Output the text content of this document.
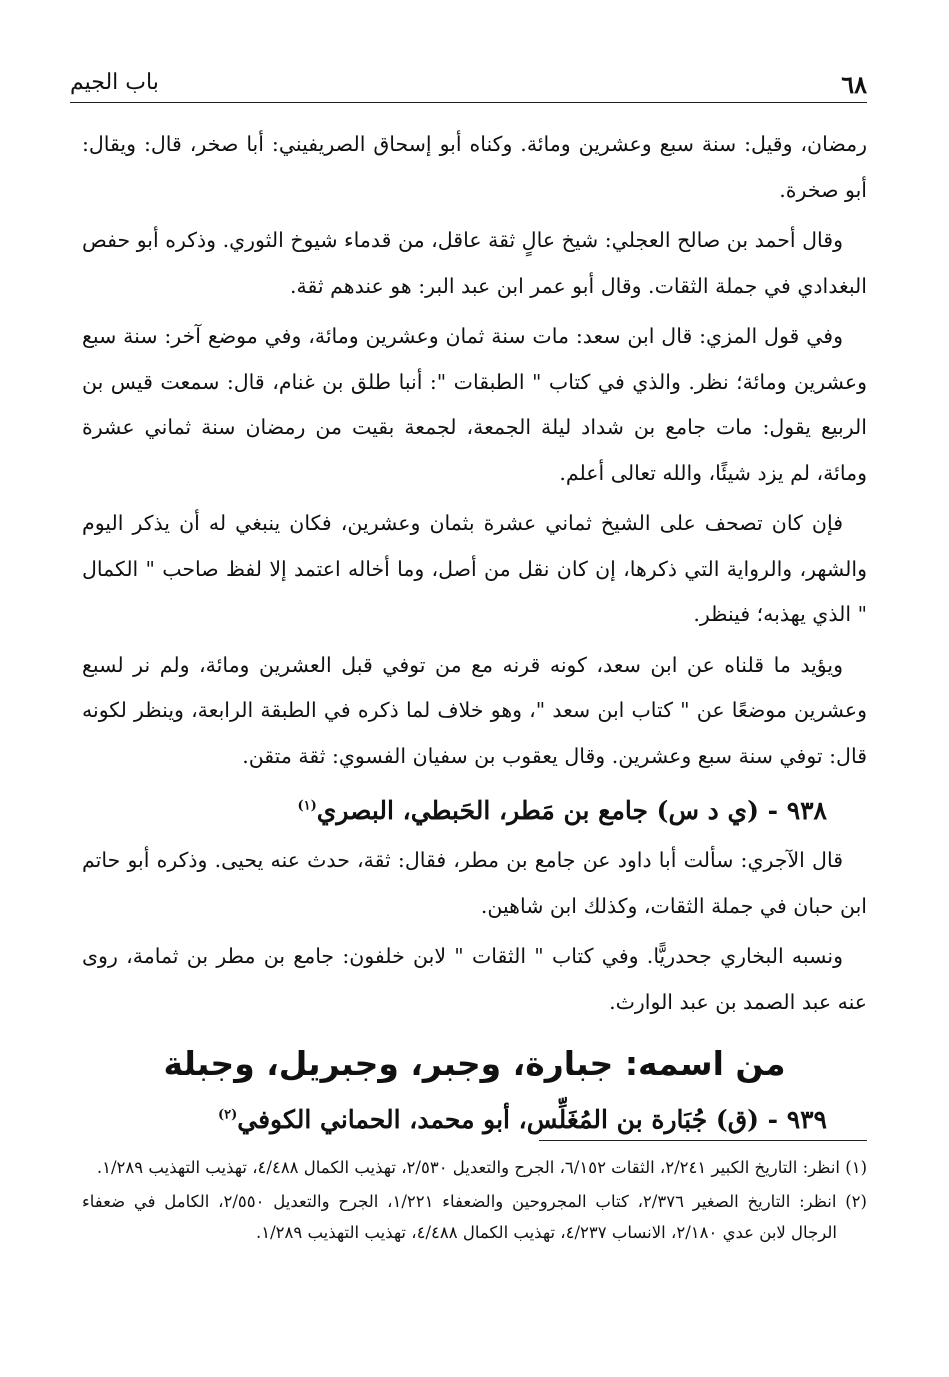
٦٨
باب الجيم

رمضان، وقيل: سنة سبع وعشرين ومائة. وكناه أبو إسحاق الصريفيني: أبا صخر، قال: ويقال: أبو صخرة.

وقال أحمد بن صالح العجلي: شيخ عالٍ ثقة عاقل، من قدماء شيوخ الثوري. وذكره أبو حفص البغدادي في جملة الثقات. وقال أبو عمر ابن عبد البر: هو عندهم ثقة.

وفي قول المزي: قال ابن سعد: مات سنة ثمان وعشرين ومائة، وفي موضع آخر: سنة سبع وعشرين ومائة؛ نظر. والذي في كتاب " الطبقات ": أنبا طلق بن غنام، قال: سمعت قيس بن الربيع يقول: مات جامع بن شداد ليلة الجمعة، لجمعة بقيت من رمضان سنة ثماني عشرة ومائة، لم يزد شيئًا، والله تعالى أعلم.

فإن كان تصحف على الشيخ ثماني عشرة بثمان وعشرين، فكان ينبغي له أن يذكر اليوم والشهر، والرواية التي ذكرها، إن كان نقل من أصل، وما أخاله اعتمد إلا لفظ صاحب " الكمال " الذي يهذبه؛ فينظر.

ويؤيد ما قلناه عن ابن سعد، كونه قرنه مع من توفي قبل العشرين ومائة، ولم نر لسبع وعشرين موضعًا عن " كتاب ابن سعد "، وهو خلاف لما ذكره في الطبقة الرابعة، وينظر لكونه قال: توفي سنة سبع وعشرين. وقال يعقوب بن سفيان الفسوي: ثقة متقن.

٩٣٨ - (ي د س) جامع بن مَطر، الحَبطي، البصري$^{(١)}$

قال الآجري: سألت أبا داود عن جامع بن مطر، فقال: ثقة، حدث عنه يحيى. وذكره أبو حاتم ابن حبان في جملة الثقات، وكذلك ابن شاهين.

ونسبه البخاري جحدريًّا. وفي كتاب " الثقات " لابن خلفون: جامع بن مطر بن ثمامة، روى عنه عبد الصمد بن عبد الوارث.

من اسمه: جبارة، وجبر، وجبريل، وجبلة

٩٣٩ - (ق) جُبَارة بن المُغَلِّس، أبو محمد، الحماني الكوفي$^{(٢)}$

(١) انظر: التاريخ الكبير ٢/٢٤١، الثقات ٦/١٥٢، الجرح والتعديل ٢/٥٣٠، تهذيب الكمال ٤/٤٨٨، تهذيب التهذيب ١/٢٨٩.

(٢) انظر: التاريخ الصغير ٢/٣٧٦، كتاب المجروحين والضعفاء ١/٢٢١، الجرح والتعديل ٢/٥٥٠، الكامل في ضعفاء الرجال لابن عدي ٢/١٨٠، الانساب ٤/٢٣٧، تهذيب الكمال ٤/٤٨٨، تهذيب التهذيب ١/٢٨٩.
